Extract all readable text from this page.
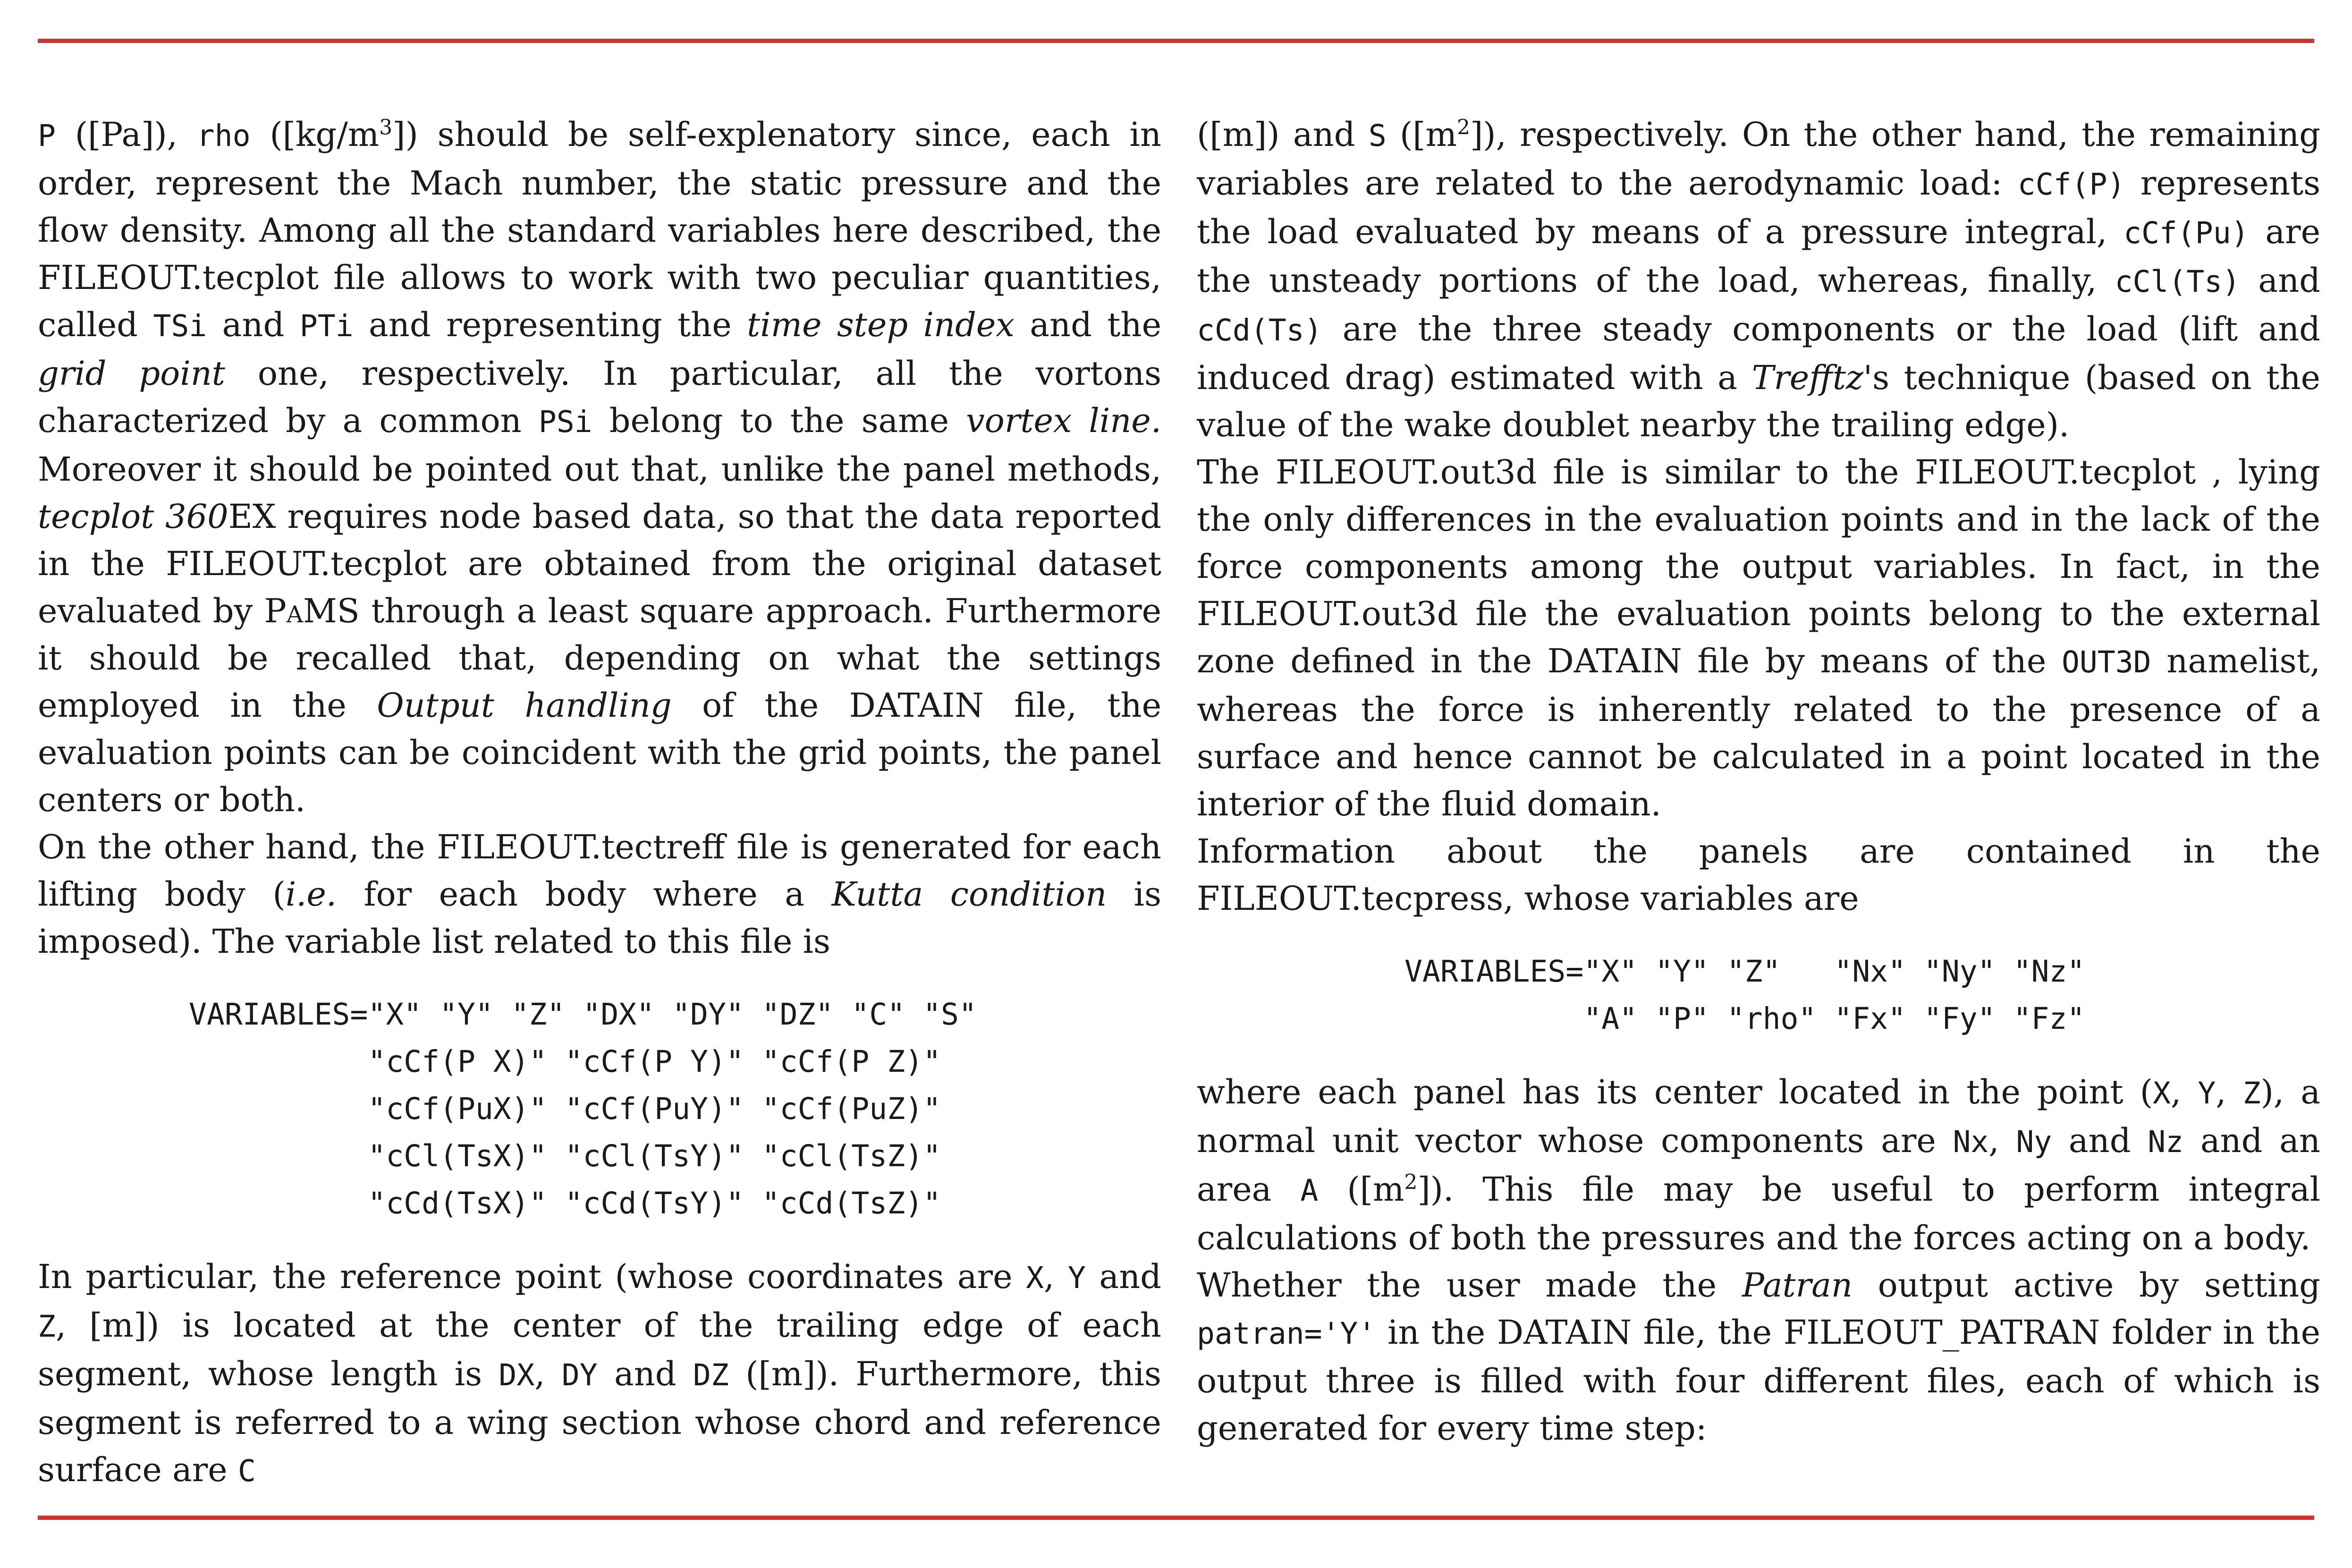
P ([Pa]), rho $([kg/m^3])$ should be self-explenatory since, each in order, represent the Mach number, the static pressure and the flow density. Among all the standard variables here described, the FILEOUT.tecplot file allows to work with two peculiar quantities, called TSi and PTi and representing the time step index and the grid point one, respectively. In particular, all the vortons characterized by a common PSi belong to the same vortex line. Moreover it should be pointed out that, unlike the panel methods, tecplot 360EX requires node based data, so that the data reported in the FILEOUT.tecplot are obtained from the original dataset evaluated by PaMS through a least square approach. Furthermore it should be recalled that, depending on what the settings employed in the Output handling of the DATAIN file, the evaluation points can be coincident with the grid points, the panel centers or both.

On the other hand, the FILEOUT.tectreff file is generated for each lifting body (i.e. for each body where a Kutta condition is imposed). The variable list related to this file is

VARIABLES="X" "Y" "Z" "DX" "DY" "DZ" "C" "S"
"cCf(P X)" "cCf(P Y)" "cCf(P Z)"
"cCf(PuX)" "cCf(PuY)" "cCf(PuZ)"
"cCl(TsX)" "cCl(TsY)" "cCl(TsZ)"
"cCd(TsX)" "cCd(TsY)" "cCd(TsZ)"

In particular, the reference point (whose coordinates are X, Y and Z, [m]) is located at the center of the trailing edge of each segment, whose length is DX, DY and DZ ([m]). Furthermore, this segment is referred to a wing section whose chord and reference surface are C

([m]) and S $([m^2])$, respectively. On the other hand, the remaining variables are related to the aerodynamic load: cCf(P) represents the load evaluated by means of a pressure integral, cCf(Pu) are the unsteady portions of the load, whereas, finally, cCl(Ts) and cCd(Ts) are the three steady components or the load (lift and induced drag) estimated with a Trefftz's technique (based on the value of the wake doublet nearby the trailing edge).

The FILEOUT.out3d file is similar to the FILEOUT.tecplot , lying the only differences in the evaluation points and in the lack of the force components among the output variables. In fact, in the FILEOUT.out3d file the evaluation points belong to the external zone defined in the DATAIN file by means of the OUT3D namelist, whereas the force is inherently related to the presence of a surface and hence cannot be calculated in a point located in the interior of the fluid domain.

Information about the panels are contained in the FILEOUT.tecpress, whose variables are

VARIABLES="X" "Y" "Z"   "Nx" "Ny" "Nz"
"A" "P" "rho" "Fx" "Fy" "Fz"

where each panel has its center located in the point (X, Y, Z), a normal unit vector whose components are Nx, Ny and Nz and an area A $([m^2])$. This file may be useful to perform integral calculations of both the pressures and the forces acting on a body.

Whether the user made the Patran output active by setting patran='Y' in the DATAIN file, the FILEOUT_PATRAN folder in the output three is filled with four different files, each of which is generated for every time step:
